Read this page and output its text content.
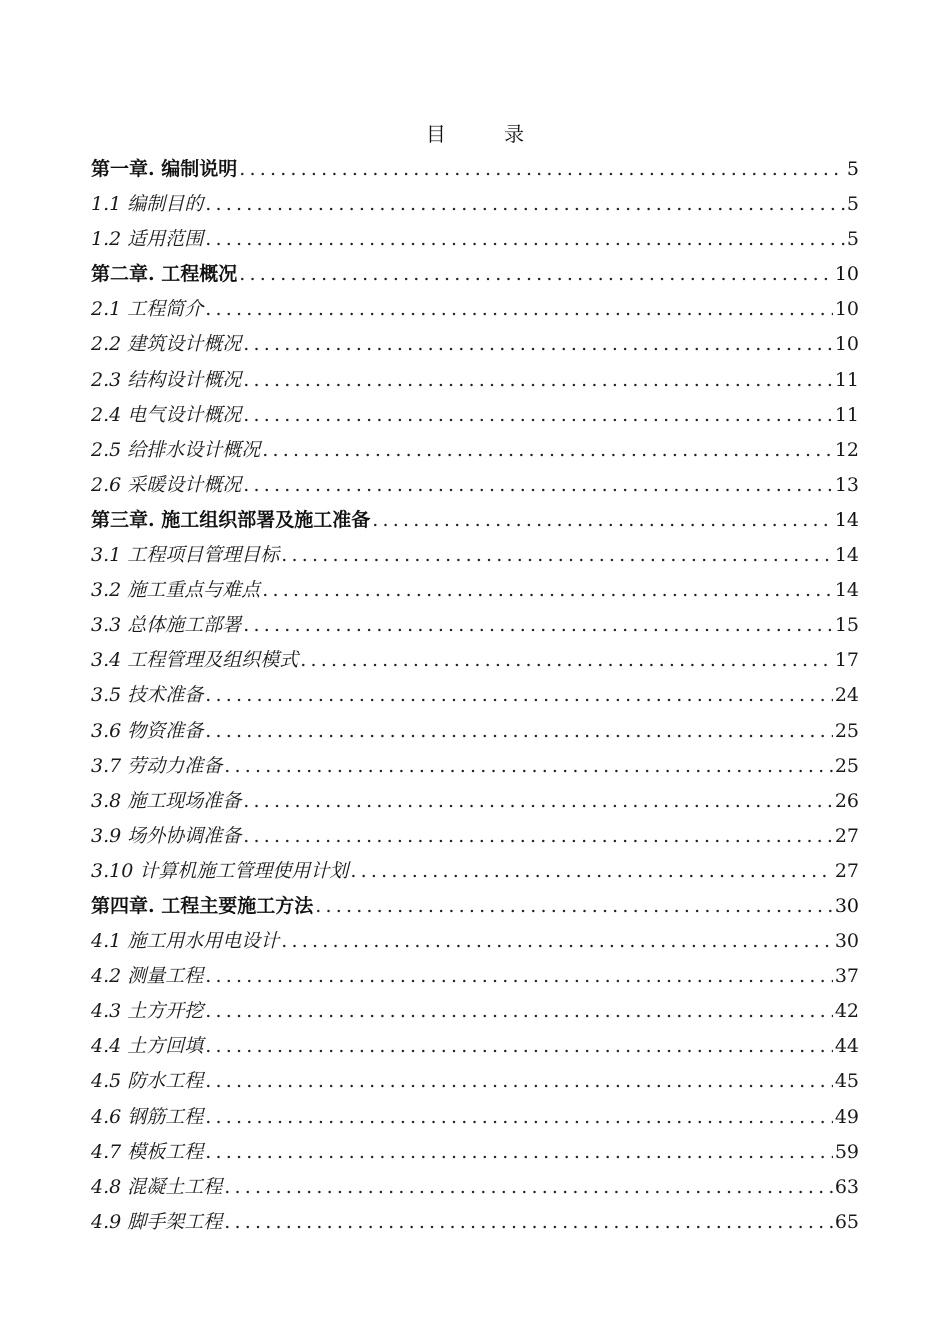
目 录
第一章. 编制说明 .....	5
1.1 编制目的 .....	5
1.2 适用范围 .....	5
第二章. 工程概况 .....	10
2.1 工程简介 .....	10
2.2 建筑设计概况 .....	10
2.3 结构设计概况 .....	11
2.4 电气设计概况 .....	11
2.5 给排水设计概况 .....	12
2.6 采暖设计概况 .....	13
第三章. 施工组织部署及施工准备 .....	14
3.1 工程项目管理目标 .....	14
3.2 施工重点与难点 .....	14
3.3 总体施工部署 .....	15
3.4 工程管理及组织模式 .....	17
3.5 技术准备 .....	24
3.6 物资准备 .....	25
3.7 劳动力准备 .....	25
3.8 施工现场准备 .....	26
3.9 场外协调准备 .....	27
3.10 计算机施工管理使用计划 .....	27
第四章. 工程主要施工方法 .....	30
4.1 施工用水用电设计 .....	30
4.2 测量工程 .....	37
4.3 土方开挖 .....	42
4.4 土方回填 .....	44
4.5 防水工程 .....	45
4.6 钢筋工程 .....	49
4.7 模板工程 .....	59
4.8 混凝土工程 .....	63
4.9 脚手架工程 .....	65
